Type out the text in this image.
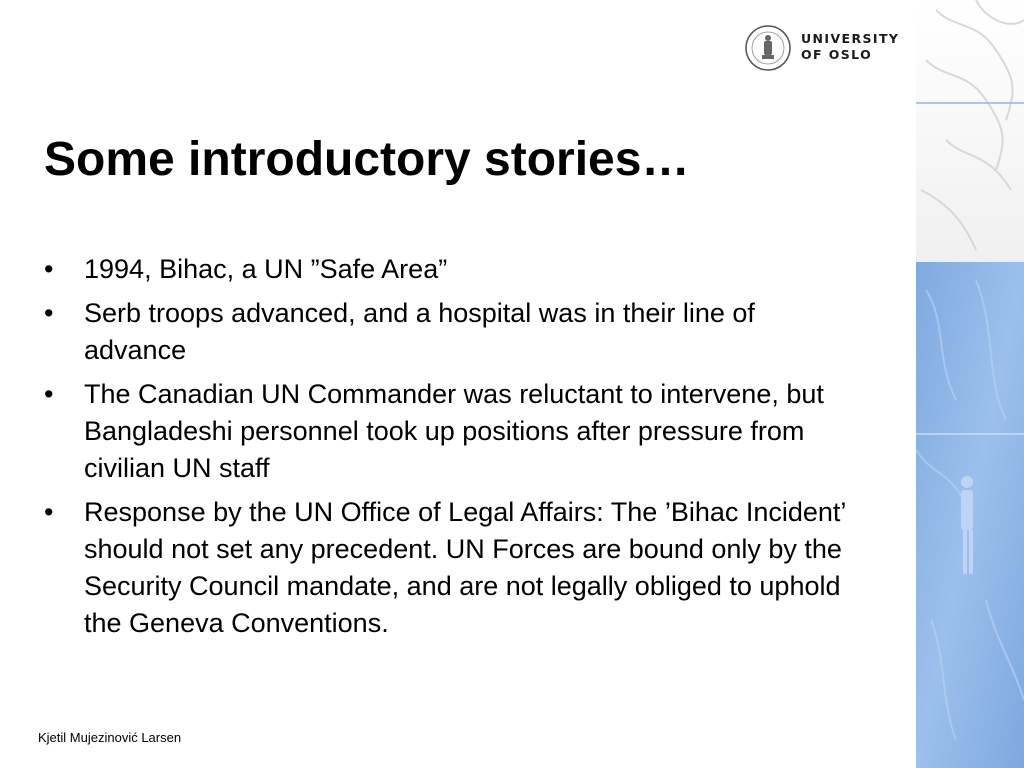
UNIVERSITY
OF OSLO
Some introductory stories…
•	1994, Bihac, a UN ”Safe Area”
•	Serb troops advanced, and a hospital was in their line of advance
•	The Canadian UN Commander was reluctant to intervene, but Bangladeshi personnel took up positions after pressure from civilian UN staff
•	Response by the UN Office of Legal Affairs: The ’Bihac Incident’ should not set any precedent. UN Forces are bound only by the Security Council mandate, and are not legally obliged to uphold the Geneva Conventions.
Kjetil Mujezinović Larsen
